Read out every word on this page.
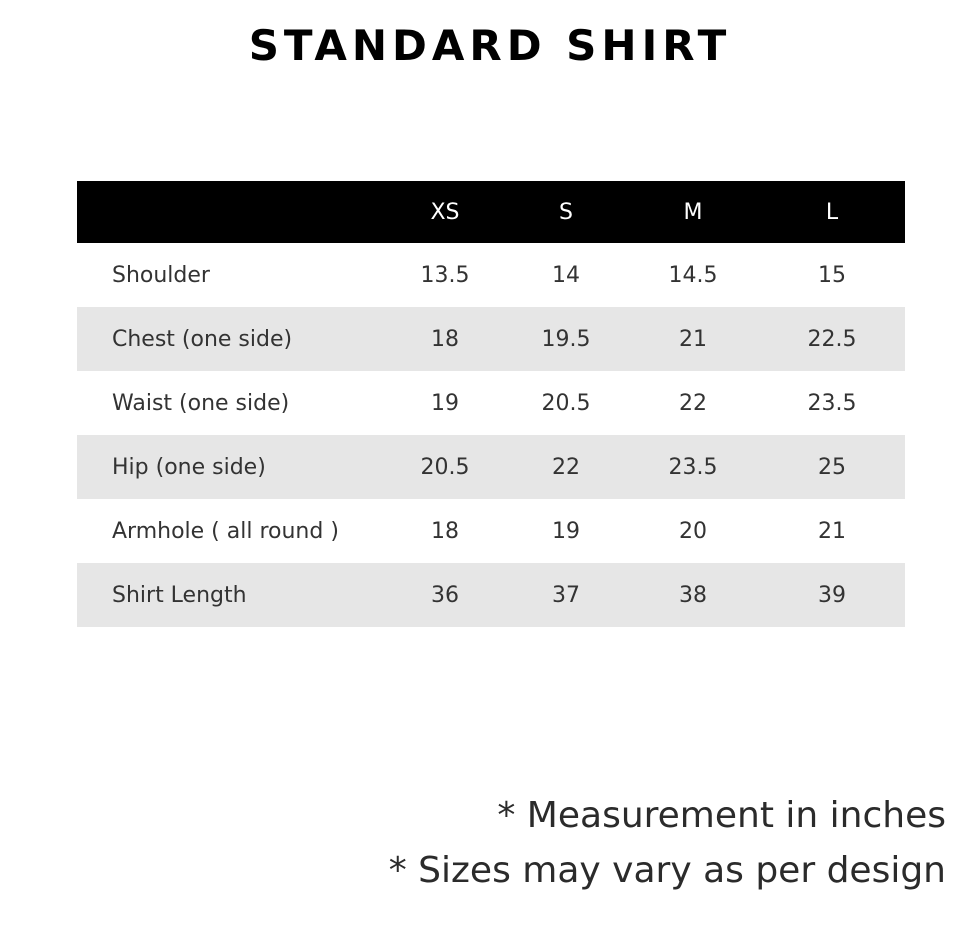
STANDARD SHIRT
	XS	S	M	L
Shoulder	13.5	14	14.5	15
Chest (one side)	18	19.5	21	22.5
Waist (one side)	19	20.5	22	23.5
Hip (one side)	20.5	22	23.5	25
Armhole ( all round )	18	19	20	21
Shirt Length	36	37	38	39
* Measurement in inches
* Sizes may vary as per design
